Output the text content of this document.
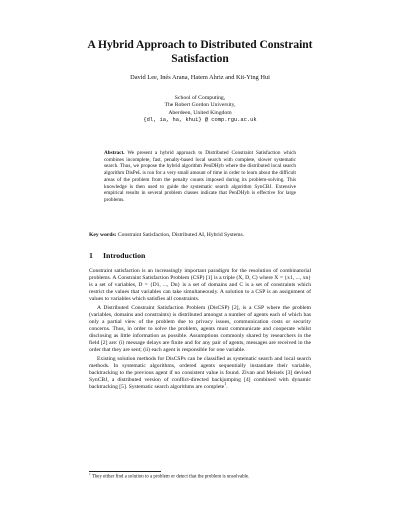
A Hybrid Approach to Distributed Constraint Satisfaction
David Lee, Inés Arana, Hatem Ahriz and Kit-Ying Hui
School of Computing,
The Robert Gordon University,
Aberdeen, United Kingdom
{dl, ia, ha, khui} @ comp.rgu.ac.uk

Abstract. We present a hybrid approach to Distributed Constraint Satisfaction which combines incomplete, fast, penalty-based local search with complete, slower systematic search. Thus, we propose the hybrid algorithm PenDHyb where the distributed local search algorithm DisPeL is run for a very small amount of time in order to learn about the difficult areas of the problem from the penalty counts imposed during its problem-solving. This knowledge is then used to guide the systematic search algorithm SynCBJ. Extensive empirical results in several problem classes indicate that PenDHyb is effective for large problems.

Key words: Constraint Satisfaction, Distributed AI, Hybrid Systems.

1 Introduction

Constraint satisfaction is an increasingly important paradigm for the resolution of combinatorial problems. A Constraint Satisfaction Problem (CSP) [1] is a triple (X, D, C) where X = {x1, ..., xn} is a set of variables, D = {D1, ..., Dn} is a set of domains and C is a set of constraints which restrict the values that variables can take simultaneously. A solution to a CSP is an assignment of values to variables which satisfies all constraints.

A Distributed Constraint Satisfaction Problem (DisCSP) [2], is a CSP where the problem (variables, domains and constraints) is distributed amongst a number of agents each of which has only a partial view of the problem due to privacy issues, communication costs or security concerns. Thus, in order to solve the problem, agents must communicate and cooperate whilst disclosing as little information as possible. Assumptions commonly shared by researchers in the field [2] are: (i) message delays are finite and for any pair of agents, messages are received in the order that they are sent; (ii) each agent is responsible for one variable.

Existing solution methods for DisCSPs can be classified as systematic search and local search methods. In systematic algorithms, ordered agents sequentially instantiate their variable, backtracking to the previous agent if no consistent value is found. Zivan and Meisels [3] devised SynCBJ, a distributed version of conflict-directed backjumping [4] combined with dynamic backtracking [5]. Systematic search algorithms are complete$^1$.

$^1$ They either find a solution to a problem or detect that the problem is unsolvable.
